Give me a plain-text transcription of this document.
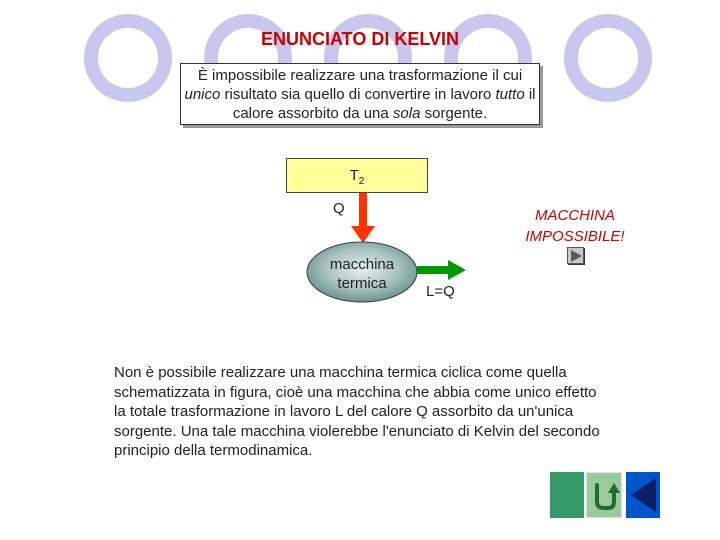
ENUNCIATO DI KELVIN
È impossibile realizzare una trasformazione il cui unico risultato sia quello di convertire in lavoro tutto il calore assorbito da una sola sorgente.
$T_2$
Q
macchina
termica	L=Q
MACCHINA
IMPOSSIBILE!
Non è possibile realizzare una macchina termica ciclica come quella schematizzata in figura, cioè una macchina che abbia come unico effetto la totale trasformazione in lavoro L del calore Q assorbito da un'unica sorgente. Una tale macchina violerebbe l'enunciato di Kelvin del secondo principio della termodinamica.
